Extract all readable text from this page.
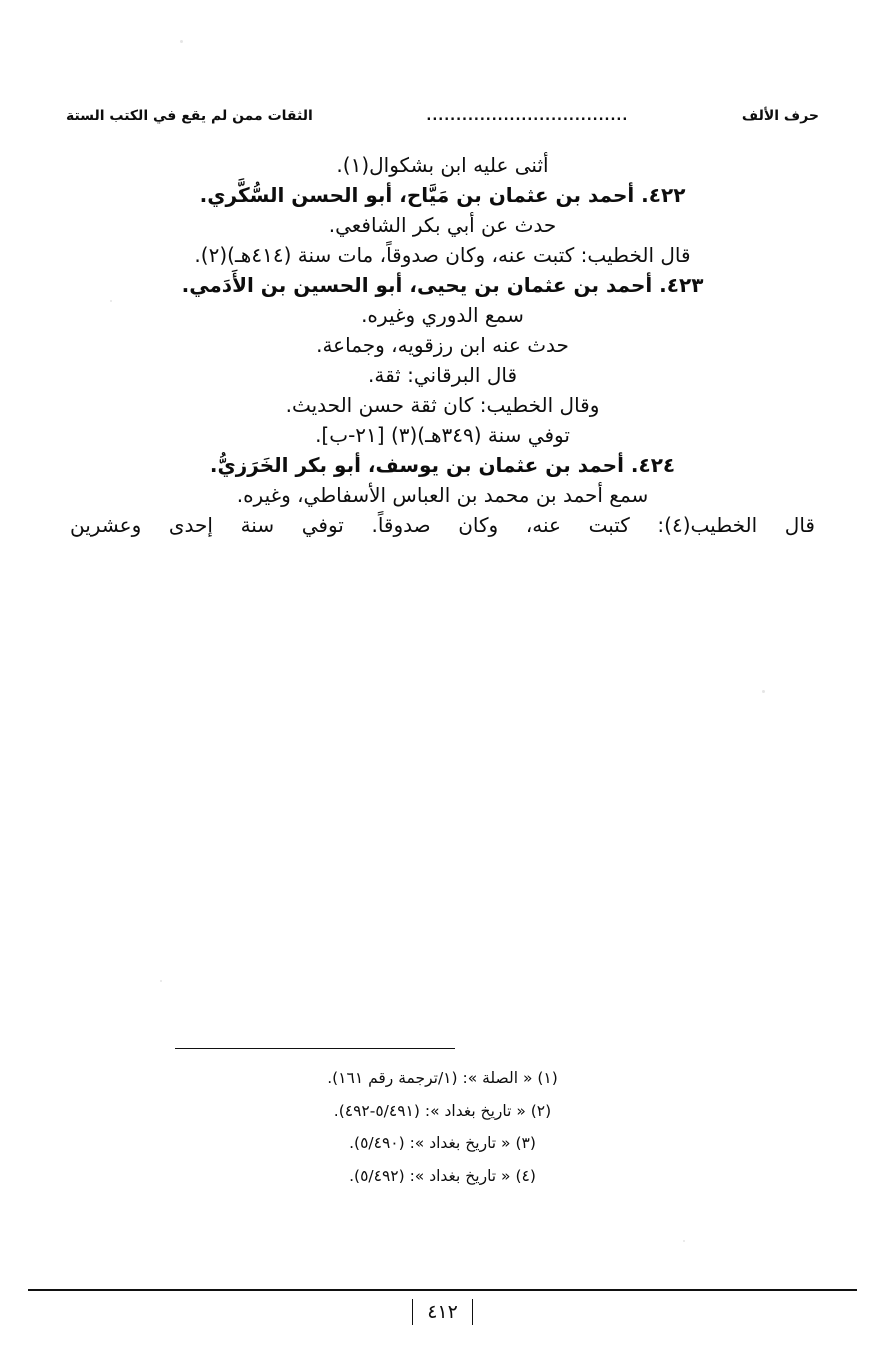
حرف الألف
..................................
الثقات ممن لم يقع في الكتب الستة

أثنى عليه ابن بشكوال(١).

٤٢٢. أحمد بن عثمان بن مَيَّاح، أبو الحسن السُّكَّري.

حدث عن أبي بكر الشافعي.

قال الخطيب: كتبت عنه، وكان صدوقاً، مات سنة (٤١٤هـ)(٢).

٤٢٣. أحمد بن عثمان بن يحيى، أبو الحسين بن الأَدَمي.

سمع الدوري وغيره.

حدث عنه ابن رزقويه، وجماعة.

قال البرقاني: ثقة.

وقال الخطيب: كان ثقة حسن الحديث.

توفي سنة (٣٤٩هـ)(٣) [٢١-ب].

٤٢٤. أحمد بن عثمان بن يوسف، أبو بكر الخَرَزيُّ.

سمع أحمد بن محمد بن العباس الأسفاطي، وغيره.

قال الخطيب(٤): كتبت عنه، وكان صدوقاً. توفي سنة إحدى وعشرين

(١) « الصلة »: (١/ترجمة رقم ١٦١).
(٢) « تاريخ بغداد »: (٥/٤٩١-٤٩٢).
(٣) « تاريخ بغداد »: (٥/٤٩٠).
(٤) « تاريخ بغداد »: (٥/٤٩٢).
٤١٢
